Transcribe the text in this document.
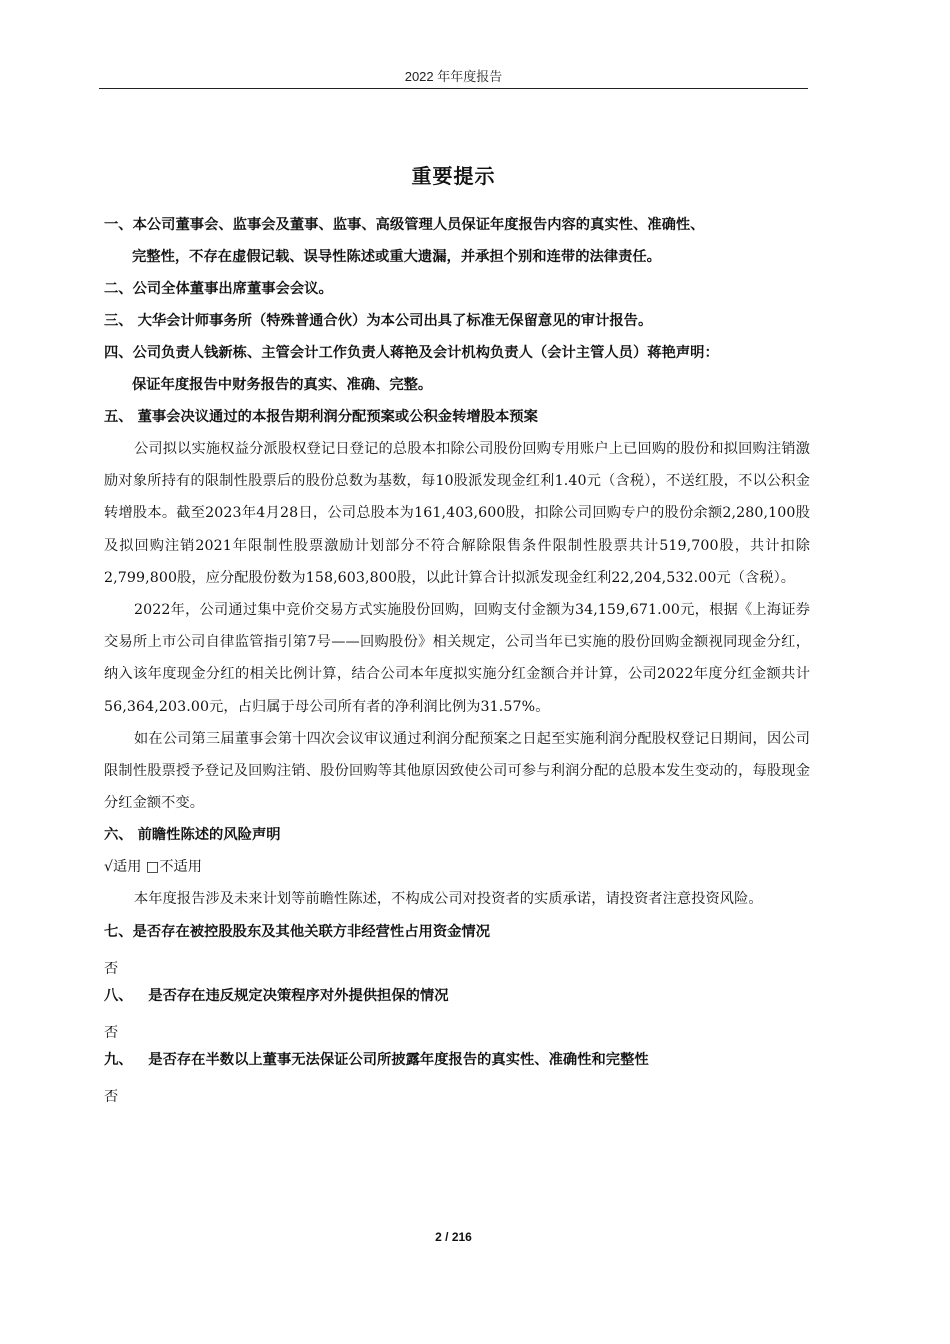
2022 年年度报告
重要提示
一、本公司董事会、监事会及董事、监事、高级管理人员保证年度报告内容的真实性、准确性、
完整性，不存在虚假记载、误导性陈述或重大遗漏，并承担个别和连带的法律责任。
二、公司全体董事出席董事会会议。
三、 大华会计师事务所（特殊普通合伙）为本公司出具了标准无保留意见的审计报告。
四、公司负责人钱新栋、主管会计工作负责人蒋艳及会计机构负责人（会计主管人员）蒋艳声明：
保证年度报告中财务报告的真实、准确、完整。
五、 董事会决议通过的本报告期利润分配预案或公积金转增股本预案
公司拟以实施权益分派股权登记日登记的总股本扣除公司股份回购专用账户上已回购的股份和拟回购注销激励对象所持有的限制性股票后的股份总数为基数，每10股派发现金红利1.40元（含税），不送红股，不以公积金转增股本。截至2023年4月28日，公司总股本为161,403,600股，扣除公司回购专户的股份余额2,280,100股及拟回购注销2021年限制性股票激励计划部分不符合解除限售条件限制性股票共计519,700股，共计扣除2,799,800股，应分配股份数为158,603,800股，以此计算合计拟派发现金红利22,204,532.00元（含税）。
2022年，公司通过集中竞价交易方式实施股份回购，回购支付金额为34,159,671.00元，根据《上海证券交易所上市公司自律监管指引第7号——回购股份》相关规定，公司当年已实施的股份回购金额视同现金分红，纳入该年度现金分红的相关比例计算，结合公司本年度拟实施分红金额合并计算，公司2022年度分红金额共计56,364,203.00元，占归属于母公司所有者的净利润比例为31.57%。
如在公司第三届董事会第十四次会议审议通过利润分配预案之日起至实施利润分配股权登记日期间，因公司限制性股票授予登记及回购注销、股份回购等其他原因致使公司可参与利润分配的总股本发生变动的，每股现金分红金额不变。
六、 前瞻性陈述的风险声明
√适用 □不适用
本年度报告涉及未来计划等前瞻性陈述，不构成公司对投资者的实质承诺，请投资者注意投资风险。
七、是否存在被控股股东及其他关联方非经营性占用资金情况
否
八、  是否存在违反规定决策程序对外提供担保的情况
否
九、  是否存在半数以上董事无法保证公司所披露年度报告的真实性、准确性和完整性
否
2 / 216
